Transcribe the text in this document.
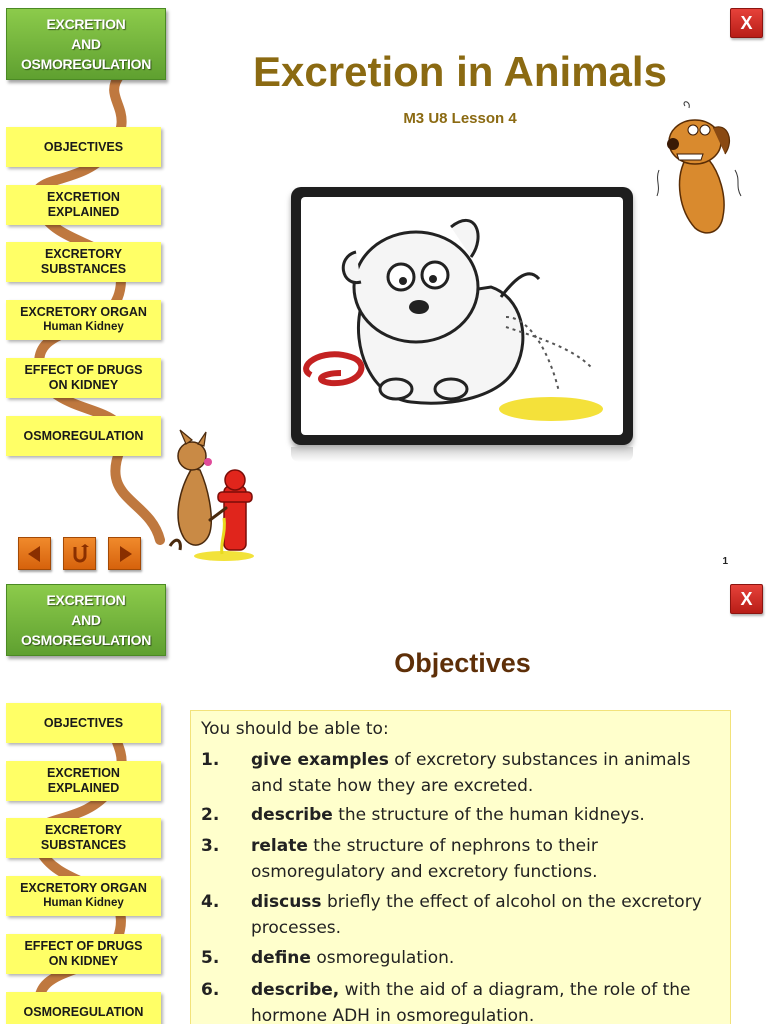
EXCRETION
AND
OSMOREGULATION
OBJECTIVES
EXCRETION
EXPLAINED
EXCRETORY
SUBSTANCES
EXCRETORY ORGAN
Human Kidney
EFFECT OF DRUGS
ON KIDNEY
OSMOREGULATION
X
Excretion in Animals
M3 U8 Lesson 4
1
EXCRETION
AND
OSMOREGULATION
OBJECTIVES
EXCRETION
EXPLAINED
EXCRETORY
SUBSTANCES
EXCRETORY ORGAN
Human Kidney
EFFECT OF DRUGS
ON KIDNEY
OSMOREGULATION
X
Objectives
You should be able to:
1.	give examples of excretory substances in animals and state how they are excreted.
2.	describe the structure of the human kidneys.
3.	relate the structure of nephrons to their osmoregulatory and excretory functions.
4.	discuss briefly the effect of alcohol on the excretory processes.
5.	define osmoregulation.
6.	describe, with the aid of a diagram, the role of the hormone ADH in osmoregulation.
